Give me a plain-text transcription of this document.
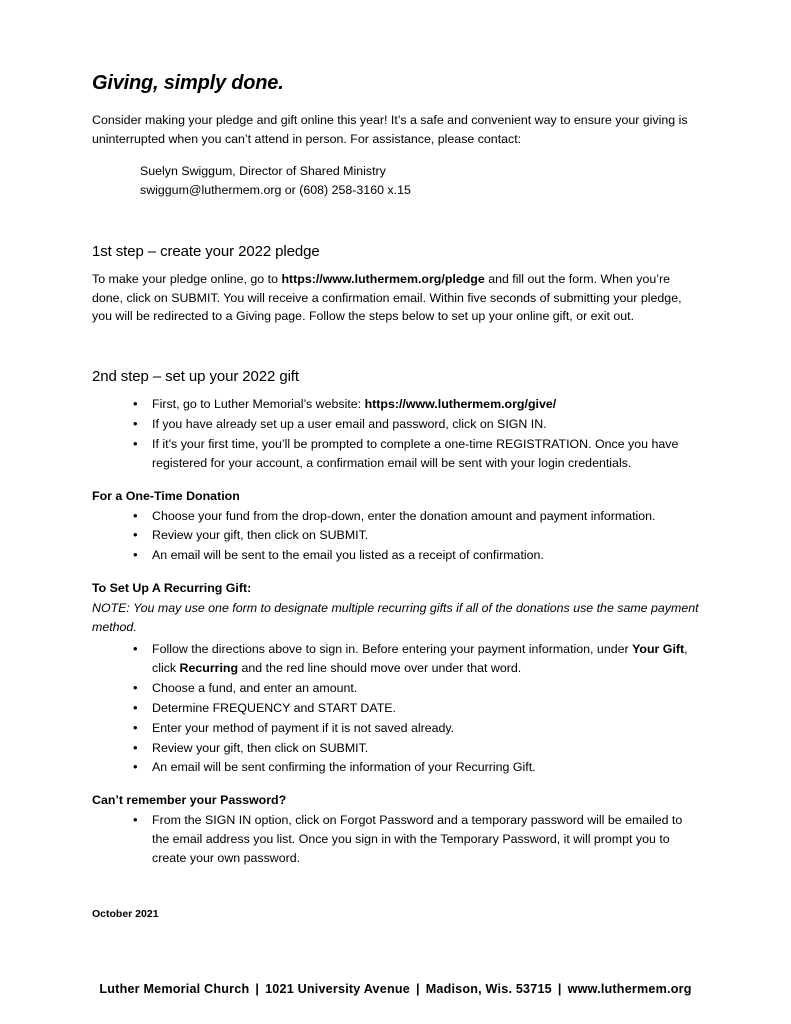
Giving, simply done.

Consider making your pledge and gift online this year! It’s a safe and convenient way to ensure your giving is uninterrupted when you can’t attend in person. For assistance, please contact:

Suelyn Swiggum, Director of Shared Ministry
swiggum@luthermem.org or (608) 258-3160 x.15
1st step – create your 2022 pledge

To make your pledge online, go to https://www.luthermem.org/pledge and fill out the form. When you’re done, click on SUBMIT. You will receive a confirmation email. Within five seconds of submitting your pledge, you will be redirected to a Giving page. Follow the steps below to set up your online gift, or exit out.

2nd step – set up your 2022 gift
• First, go to Luther Memorial’s website: https://www.luthermem.org/give/
• If you have already set up a user email and password, click on SIGN IN.
• If it’s your first time, you’ll be prompted to complete a one-time REGISTRATION. Once you have registered for your account, a confirmation email will be sent with your login credentials.
For a One-Time Donation
• Choose your fund from the drop-down, enter the donation amount and payment information.
• Review your gift, then click on SUBMIT.
• An email will be sent to the email you listed as a receipt of confirmation.
To Set Up A Recurring Gift:

NOTE: You may use one form to designate multiple recurring gifts if all of the donations use the same payment method.

• Follow the directions above to sign in. Before entering your payment information, under Your Gift, click Recurring and the red line should move over under that word.
• Choose a fund, and enter an amount.
• Determine FREQUENCY and START DATE.
• Enter your method of payment if it is not saved already.
• Review your gift, then click on SUBMIT.
• An email will be sent confirming the information of your Recurring Gift.
Can’t remember your Password?
• From the SIGN IN option, click on Forgot Password and a temporary password will be emailed to the email address you list. Once you sign in with the Temporary Password, it will prompt you to create your own password.
October 2021
Luther Memorial Church | 1021 University Avenue | Madison, Wis. 53715 | www.luthermem.org
